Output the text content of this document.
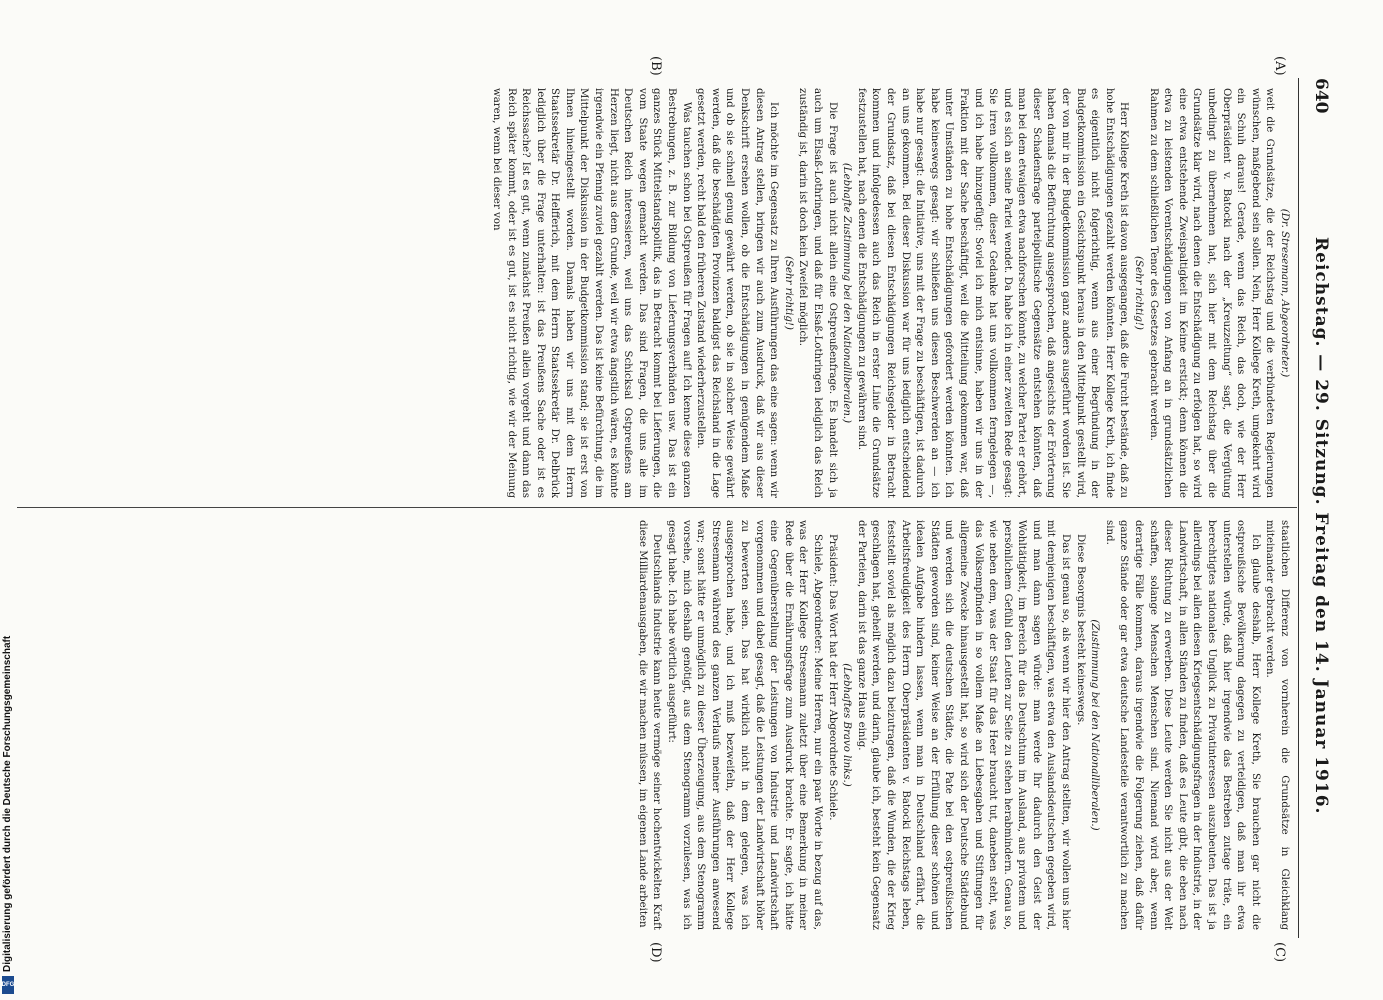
640
Reichstag. — 29. Sitzung. Freitag den 14. Januar 1916.
(A)
(B)
(C)
(D)

(Dr. Stresemann, Abgeordneter.)

weit die Grundsätze, die der Reichstag und die verbündeten Regierungen wünschen, maßgebend sein sollen. Nein, Herr Kollege Kreth, umgekehrt wird ein Schuh daraus! Gerade, wenn das Reich, das doch, wie der Herr Oberpräsident v. Batocki nach der „Kreuzzeitung“ sagt, die Vergütung unbedingt zu übernehmen hat, sich hier mit dem Reichstag über die Grundsätze klar wird, nach denen die Entschädigung zu erfolgen hat, so wird eine etwa entstehende Zweispaltigkeit im Keime erstickt; denn können die etwa zu leistenden Vorentschädigungen von Anfang an in grundsätzlichen Rahmen zu dem schließlichen Tenor des Gesetzes gebracht werden.

(Sehr richtig!)

Herr Kollege Kreth ist davon ausgegangen, daß die Furcht bestände, daß zu hohe Entschädigungen gezahlt werden könnten. Herr Kollege Kreth, ich finde es eigentlich nicht folgerichtig, wenn aus einer Begründung in der Budgetkommission ein Gesichtspunkt heraus in den Mittelpunkt gestellt wird, der von mir in der Budgetkommission ganz anders ausgeführt worden ist. Sie haben damals die Befürchtung ausgesprochen, daß angesichts der Erörterung dieser Schadensfrage parteipolitische Gegensätze entstehen könnten, daß man bei dem etwaigen etwa nachforschen könnte, zu welcher Partei er gehört, und es sich an seine Partei wendet. Da habe ich in einer zweiten Rede gesagt: Sie irren vollkommen, dieser Gedanke hat uns vollkommen ferngelegen —, und ich habe hinzugefügt: Soviel ich mich entsinne, haben wir uns in der Fraktion mit der Sache beschäftigt, weil die Mitteilung gekommen war, daß unter Umständen zu hohe Entschädigungen gefordert werden könnten. Ich habe keineswegs gesagt: wir schließen uns diesen Beschwerden an — ich habe nur gesagt: die Initiative, uns mit der Frage zu beschäftigen, ist dadurch an uns gekommen. Bei dieser Diskussion war für uns lediglich entscheidend der Grundsatz, daß bei diesen Entschädigungen Reichsgelder in Betracht kommen und infolgedessen auch das Reich in erster Linie die Grundsätze festzustellen hat, nach denen die Entschädigungen zu gewähren sind.

(Lebhafte Zustimmung bei den Nationalliberalen.)

Die Frage ist auch nicht allein eine Ostpreußenfrage. Es handelt sich ja auch um Elsaß-Lothringen, und daß für Elsaß-Lothringen lediglich das Reich zuständig ist, darin ist doch kein Zweifel möglich.

(Sehr richtig!)

Ich möchte im Gegensatz zu Ihren Ausführungen das eine sagen: wenn wir diesen Antrag stellen, bringen wir auch zum Ausdruck, daß wir aus dieser Denkschrift ersehen wollen, ob die Entschädigungen in genügendem Maße und ob sie schnell genug gewährt werden, ob sie in solcher Weise gewährt werden, daß die beschädigten Provinzen baldigst das Reichsland in die Lage gesetzt werden, recht bald den früheren Zustand wiederherzustellen.

Was tauchen schon bei Ostpreußen für Fragen auf! Ich kenne diese ganzen Bestrebungen, z. B. zur Bildung von Lieferungsverbänden usw. Das ist ein ganzes Stück Mittelstandspolitik, das in Betracht kommt bei Lieferungen, die vom Staate wegen gemacht werden. Das sind Fragen, die uns alle im Deutschen Reich interessieren, weil uns das Schicksal Ostpreußens am Herzen liegt, nicht aus dem Grunde, weil wir etwa ängstlich wären, es könnte irgendwie ein Pfennig zuviel gezahlt werden. Das ist keine Befürchtung, die im Mittelpunkt der Diskussion in der Budgetkommission stand; sie ist erst von Ihnen hineingestellt worden. Damals haben wir uns mit dem Herrn Staatssekretär Dr. Helfferich, mit dem Herrn Staatssekretär Dr. Delbrück lediglich über die Frage unterhalten: ist das Preußens Sache oder ist es Reichssache? Ist es gut, wenn zunächst Preußen allein vorgeht und dann das Reich später kommt, oder ist es gut, ist es nicht richtig, wie wir der Meinung waren, wenn bei dieser von

staatlichen Differenz von vornherein die Grundsätze in Gleichklang miteinander gebracht werden.

Ich glaube deshalb, Herr Kollege Kreth, Sie brauchen gar nicht die ostpreußische Bevölkerung dagegen zu verteidigen, daß man ihr etwa unterstellen würde, daß hier irgendwie das Bestreben zutage träte, ein berechtigtes nationales Unglück zu Privatinteressen auszubeuten. Das ist ja allerdings bei allen diesen Kriegsentschädigungsfragen in der Industrie, in der Landwirtschaft, in allen Ständen zu finden, daß es Leute gibt, die eben nach dieser Richtung zu erwerben. Diese Leute werden Sie nicht aus der Welt schaffen, solange Menschen Menschen sind. Niemand wird aber, wenn derartige Fälle kommen, daraus irgendwie die Folgerung ziehen, daß dafür ganze Stände oder gar etwa deutsche Landesteile verantwortlich zu machen sind.

(Zustimmung bei den Nationalliberalen.)

Diese Besorgnis besteht keineswegs.

Das ist genau so, als wenn wir hier den Antrag stellten, wir wollen uns hier mit demjenigen beschäftigen, was etwa den Auslandsdeutschen gegeben wird, und man dann sagen würde: man werde Ihr dadurch den Geist der Wohltätigkeit, im Bereich für das Deutschtum im Ausland, aus privatem und persönlichem Gefühl den Leuten zur Seite zu stehen herabmindern. Genau so, wie neben dem, was der Staat für das Heer braucht tut, daneben steht, was das Volksempfinden in so vollem Maße an Liebesgaben und Stiftungen für allgemeine Zwecke hinausgestellt hat, so wird sich der Deutsche Städtebund und werden sich die deutschen Städte, die Pate bei den ostpreußischen Städten geworden sind, keiner Weise an der Erfüllung dieser schönen und idealen Aufgabe hindern lassen, wenn man in Deutschland erfährt, die Arbeitsfreudigkeit des Herrn Oberpräsidenten v. Batocki Reichstags leben, feststellt soviel als möglich dazu beizutragen, daß die Wunden, die der Krieg geschlagen hat, geheilt werden, und darin, glaube ich, besteht kein Gegensatz der Parteien, darin ist das ganze Haus einig.

(Lebhaftes Bravo links.)

Präsident: Das Wort hat der Herr Abgeordnete Schiele.

Schiele, Abgeordneter: Meine Herren, nur ein paar Worte in bezug auf das, was der Herr Kollege Stresemann zuletzt über eine Bemerkung in meiner Rede über die Ernährungsfrage zum Ausdruck brachte. Er sagte, ich hätte eine Gegenüberstellung der Leistungen von Industrie und Landwirtschaft vorgenommen und dabei gesagt, daß die Leistungen der Landwirtschaft höher zu bewerten seien. Das hat wirklich nicht in dem gelegen, was ich ausgesprochen habe, und ich muß bezweifeln, daß der Herr Kollege Stresemann während des ganzen Verlaufs meiner Ausführungen anwesend war; sonst hätte er unmöglich zu dieser Überzeugung, aus dem Stenogramm vorsehe, mich deshalb genötigt, aus dem Stenogramm vorzulesen, was ich gesagt habe. Ich habe wörtlich ausgeführt:

Deutschlands Industrie kann heute vermöge seiner hochentwickelten Kraft diese Milliardenausgaben, die wir machen müssen, im eigenen Lande arbeiten

Digitalisierung gefördert durch die Deutsche Forschungsgemeinschaft
DFG
